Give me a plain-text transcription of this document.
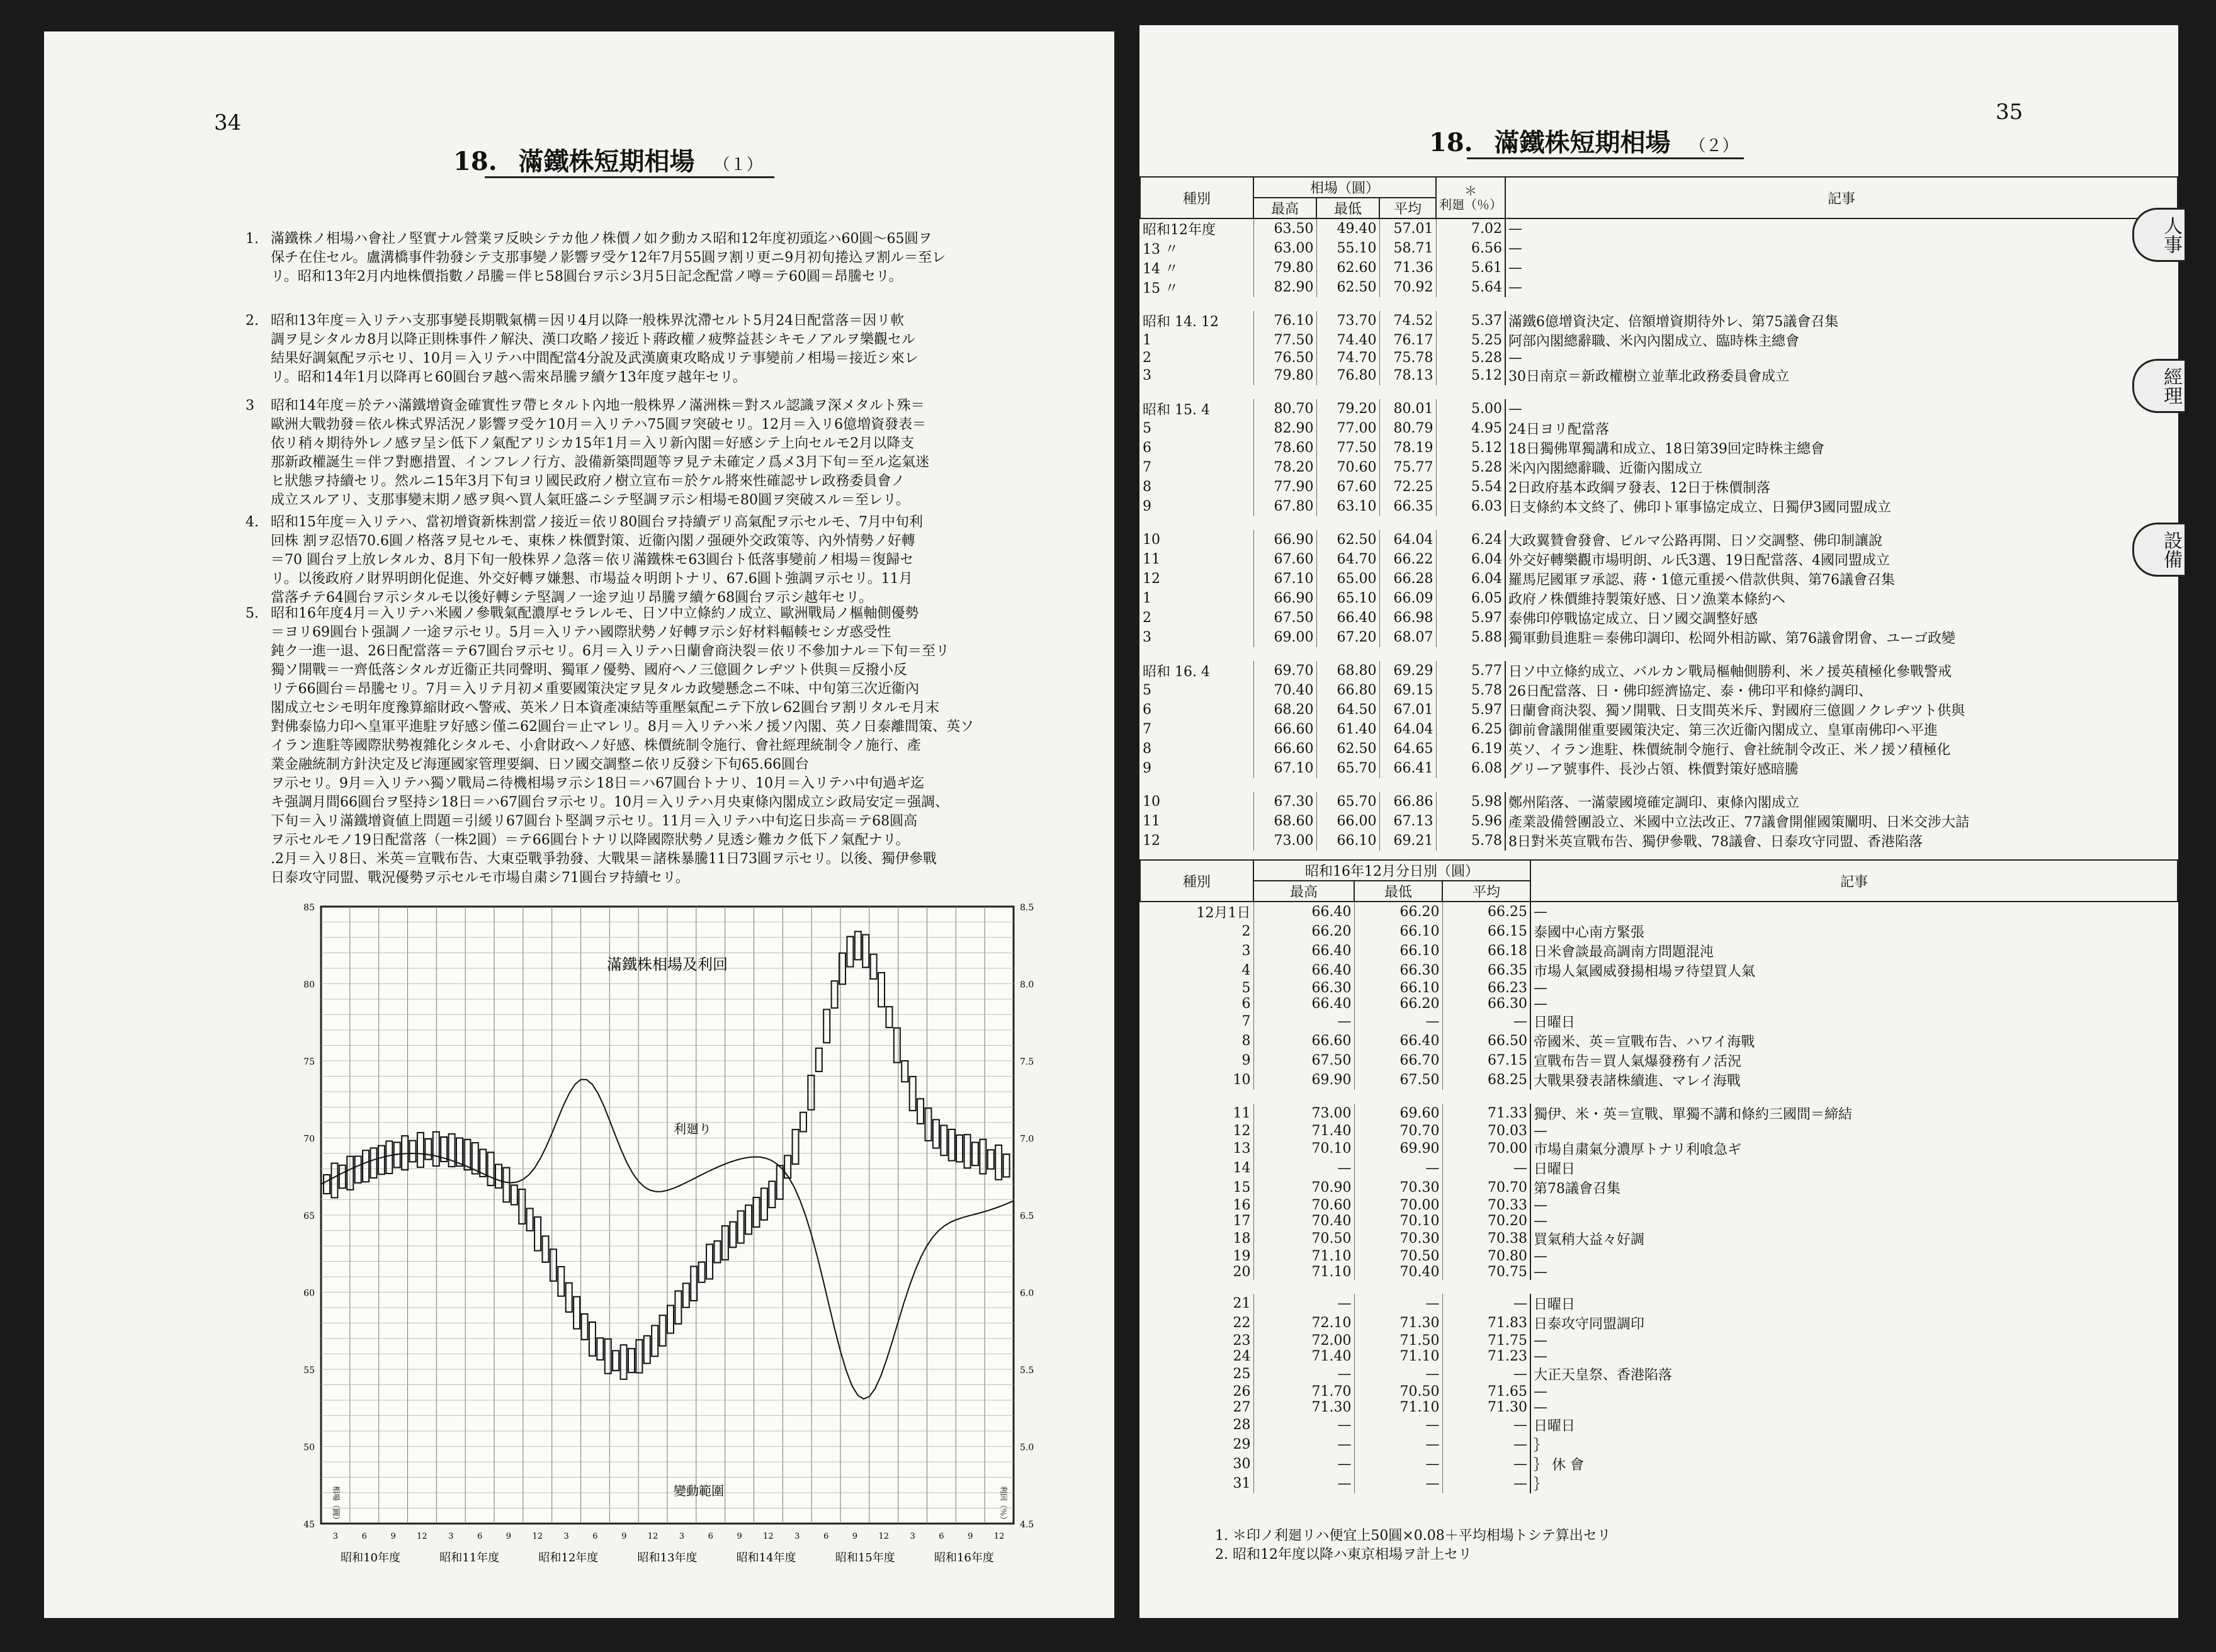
34
18. 滿鐵株短期相場 （１）
1. 滿鐵株ノ相場ハ會社ノ堅實ナル營業ヲ反映シテカ他ノ株價ノ如ク動カス昭和12年度初頭迄ハ60圓～65圓ヲ
保チ在住セル。盧溝橋事件勃發シテ支那事變ノ影響ヲ受ケ12年7月55圓ヲ割リ更ニ9月初旬捲込ヲ割ル＝至レ
リ。昭和13年2月内地株價指數ノ昂騰＝伴ヒ58圓台ヲ示シ3月5日記念配當ノ噂＝テ60圓＝昂騰セリ。
2. 昭和13年度＝入リテハ支那事變長期戰氣構＝因リ4月以降一般株界沈滯セルト5月24日配當落＝因リ軟
調ヲ見シタルカ8月以降正則株事件ノ解決、漢口攻略ノ接近ト蔣政權ノ疲弊益甚シキモノアルヲ樂觀セル
結果好調氣配ヲ示セリ、10月＝入リテハ中間配當4分說及武漢廣東攻略成リテ事變前ノ相場＝接近シ來レ
リ。昭和14年1月以降再ヒ60圓台ヲ越ヘ需來昂騰ヲ續ケ13年度ヲ越年セリ。
3 昭和14年度＝於テハ滿鐵增資金確實性ヲ帶ヒタルト內地一般株界ノ滿洲株＝對スル認識ヲ深メタルト殊＝
歐洲大戰勃發＝依ル株式界活況ノ影響ヲ受ケ10月＝入リテハ75圓ヲ突破セリ。12月＝入リ6億増資發表＝
依リ稍々期待外レノ感ヲ呈シ低下ノ氣配アリシカ15年1月＝入リ新內閣＝好感シテ上向セルモ2月以降支
那新政權誕生＝伴フ對應措置、インフレノ行方、設備新築問題等ヲ見テ未確定ノ爲メ3月下旬＝至ル迄氣迷
ヒ狀態ヲ持續セリ。然ルニ15年3月下旬ヨリ國民政府ノ樹立宣布＝於ケル將來性確認サレ政務委員會ノ
成立スルアリ、支那事變末期ノ感ヲ與ヘ買人氣旺盛ニシテ堅調ヲ示シ相場モ80圓ヲ突破スル＝至レリ。
4. 昭和15年度＝入リテハ、當初增資新株割當ノ接近＝依リ80圓台ヲ持續デリ高氣配ヲ示セルモ、7月中旬利
回株 割ヲ忍悟70.6圓ノ格落ヲ見セルモ、東株ノ株價對策、近衞內閣ノ强硬外交政策等、內外情勢ノ好轉
＝70 圓台ヲ上放レタルカ、8月下旬一般株界ノ急落＝依リ滿鐵株モ63圓台ト低落事變前ノ相場＝復歸セ
リ。以後政府ノ財界明朗化促進、外交好轉ヲ嫌懇、市場益々明朗トナリ、67.6圓ト強調ヲ示セリ。11月
當落チテ64圓台ヲ示シタルモ以後好轉シテ堅調ノ一途ヲ辿リ昂騰ヲ續ケ68圓台ヲ示シ越年セリ。
5. 昭和16年度4月＝入リテハ米國ノ參戰氣配濃厚セラレルモ、日ソ中立條約ノ成立、歐洲戰局ノ樞軸側優勢
＝ヨリ69圓台ト强調ノ一途ヲ示セリ。5月＝入リテハ國際狀勢ノ好轉ヲ示シ好材料輻輳セシガ惑受性
鈍ク一進一退、26日配當落＝テ67圓台ヲ示セリ。6月＝入リテハ日蘭會商決裂＝依リ不參加ナル＝下旬＝至リ
獨ソ開戰＝一齊低落シタルガ近衞正共同聲明、獨軍ノ優勢、國府ヘノ三億圓クレヂツト供與＝反撥小反
リテ66圓台＝昂騰セリ。7月＝入リテ月初メ重要國策決定ヲ見タルカ政變懸念ニ不味、中旬第三次近衞內
閣成立セシモ明年度豫算縮財政へ警戒、英米ノ日本資產凍結等重壓氣配ニテ下放レ62圓台ヲ割リタルモ月末
對佛泰協力印ヘ皇軍平進駐ヲ好感シ僅ニ62圓台＝止マレリ。8月＝入リテハ米ノ援ソ內閣、英ノ日泰離間策、英ソ
イラン進駐等國際狀勢複雜化シタルモ、小倉財政ヘノ好感、株價統制令施行、會社經理統制令ノ施行、產
業金融統制方針決定及ビ海運國家管理要綱、日ソ國交調整ニ依リ反發シ下旬65.66圓台
ヲ示セリ。9月＝入リテハ獨ソ戰局ニ待機相場ヲ示シ18日＝ハ67圓台トナリ、10月＝入リテハ中旬過ギ迄
キ强調月間66圓台ヲ堅持シ18日＝ハ67圓台ヲ示セリ。10月＝入リテハ月央東條內閣成立シ政局安定＝强調、
下旬＝入リ滿鐵增資値上問題＝引緩リ67圓台ト堅調ヲ示セリ。11月＝入リテハ中旬迄日歩高＝テ68圓高
ヲ示セルモノ19日配當落（一株2圓）＝テ66圓台トナリ以降國際狀勢ノ見透シ難カク低下ノ氣配ナリ。
.2月＝入リ8日、米英＝宣戰布告、大東亞戰爭勃發、大戰果＝諸株暴騰11日73圓ヲ示セリ。以後、獨伊參戰
日泰攻守同盟、戰況優勢ヲ示セルモ市場自粛シ71圓台ヲ持續セリ。
85
80
75
70
65
60
55
50
45
8.5
8.0
7.5
7.0
6.5
6.0
5.5
5.0
4.5
3	6	9	12	3	6	9	12	3	6	9	12	3	6	9	12	3	6	9	12	3	6	9	12
昭和10年度	昭和11年度	昭和12年度	昭和13年度	昭和14年度	昭和15年度	昭和16年度
相場（圓）	利回（％）
滿鐵株相場及利回
利廻り
變動範圍
35
18. 滿鐵株短期相場 （２）
種別	相場（圓）			＊
利廻（％）	記事
	最高	最低	平均		
昭和12年度	63.50	49.40	57.01	7.02	—
13 〃	63.00	55.10	58.71	6.56	—
14 〃	79.80	62.60	71.36	5.61	—
15 〃	82.90	62.50	70.92	5.64	—

昭和 14. 12	76.10	73.70	74.52	5.37	滿鐵6億增資決定、倍額增資期待外レ、第75議會召集
1	77.50	74.40	76.17	5.25	阿部內閣總辭職、米內內閣成立、臨時株主總會
2	76.50	74.70	75.78	5.28	—
3	79.80	76.80	78.13	5.12	30日南京＝新政權樹立並華北政務委員會成立

昭和 15. 4	80.70	79.20	80.01	5.00	—
5	82.90	77.00	80.79	4.95	24日ヨリ配當落
6	78.60	77.50	78.19	5.12	18日獨佛單獨講和成立、18日第39回定時株主總會
7	78.20	70.60	75.77	5.28	米內內閣總辭職、近衞內閣成立
8	77.90	67.60	72.25	5.54	2日政府基本政綱ヲ發表、12日于株價制落
9	67.80	63.10	66.35	6.03	日支條約本文終了、佛印ト軍事協定成立、日獨伊3國同盟成立

10	66.90	62.50	64.04	6.24	大政翼贊會發會、ビルマ公路再開、日ソ交調整、佛印制讓說
11	67.60	64.70	66.22	6.04	外交好轉樂觀市場明朗、ル氏3選、19日配當落、4國同盟成立
12	67.10	65.00	66.28	6.04	羅馬尼國軍ヲ承認、蔣・1億元重援ヘ借款供與、第76議會召集
1	66.90	65.10	66.09	6.05	政府ノ株價維持製策好感、日ソ漁業本條約ヘ
2	67.50	66.40	66.98	5.97	泰佛印停戰協定成立、日ソ國交調整好感
3	69.00	67.20	68.07	5.88	獨軍動員進駐＝泰佛印調印、松岡外相訪歐、第76議會閉會、ユーゴ政變

昭和 16. 4	69.70	68.80	69.29	5.77	日ソ中立條約成立、バルカン戰局樞軸側勝利、米ノ援英積極化參戰警戒
5	70.40	66.80	69.15	5.78	26日配當落、日・佛印經濟協定、泰・佛印平和條約調印、
6	68.20	64.50	67.01	5.97	日蘭會商決裂、獨ソ開戰、日支間英米斥、對國府三億圓ノクレヂツト供與
7	66.60	61.40	64.04	6.25	御前會議開催重要國策決定、第三次近衞內閣成立、皇軍南佛印ヘ平進
8	66.60	62.50	64.65	6.19	英ソ、イラン進駐、株價統制令施行、會社統制令改正、米ノ援ソ積極化
9	67.10	65.70	66.41	6.08	グリーア號事件、長沙占領、株價對策好感暗騰

10	67.30	65.70	66.86	5.98	鄭州陷落、一滿蒙國境確定調印、東條內閣成立
11	68.60	66.00	67.13	5.96	產業設備營團設立、米國中立法改正、77議會開催國策闡明、日米交涉大詰
12	73.00	66.10	69.21	5.78	8日對米英宣戰布告、獨伊參戰、78議會、日泰攻守同盟、香港陷落
種別	昭和16年12月分日別（圓）			記事
	最高	最低	平均	
12月1日	66.40	66.20	66.25	—
2	66.20	66.10	66.15	泰國中心南方緊張
3	66.40	66.10	66.18	日米會談最高調南方問題混沌
4	66.40	66.30	66.35	市場人氣國威發揚相場ヲ待望買人氣
5	66.30	66.10	66.23	—
6	66.40	66.20	66.30	—
7	—	—	—	日曜日
8	66.60	66.40	66.50	帝國米、英＝宣戰布告、ハワイ海戰
9	67.50	66.70	67.15	宣戰布告＝買人氣爆發務有ノ活況
10	69.90	67.50	68.25	大戰果發表諸株續進、マレイ海戰

11	73.00	69.60	71.33	獨伊、米・英＝宣戰、單獨不講和條約三國間＝締結
12	71.40	70.70	70.03	—
13	70.10	69.90	70.00	市場自粛氣分濃厚トナリ利喰急ギ
14	—	—	—	日曜日
15	70.90	70.30	70.70	第78議會召集
16	70.60	70.00	70.33	—
17	70.40	70.10	70.20	—
18	70.50	70.30	70.38	買氣稍大益々好調
19	71.10	70.50	70.80	—
20	71.10	70.40	70.75	—

21	—	—	—	日曜日
22	72.10	71.30	71.83	日泰攻守同盟調印
23	72.00	71.50	71.75	—
24	71.40	71.10	71.23	—
25	—	—	—	大正天皇祭、香港陷落
26	71.70	70.50	71.65	—
27	71.30	71.10	71.30	—
28	—	—	—	日曜日
29	—	—	—	｝
30	—	—	—	｝ 休 會
31	—	—	—	｝
1. ＊印ノ利廻リハ便宜上50圓×0.08＋平均相場トシテ算出セリ
2. 昭和12年度以降ハ東京相場ヲ計上セリ
人事
經理
設備
